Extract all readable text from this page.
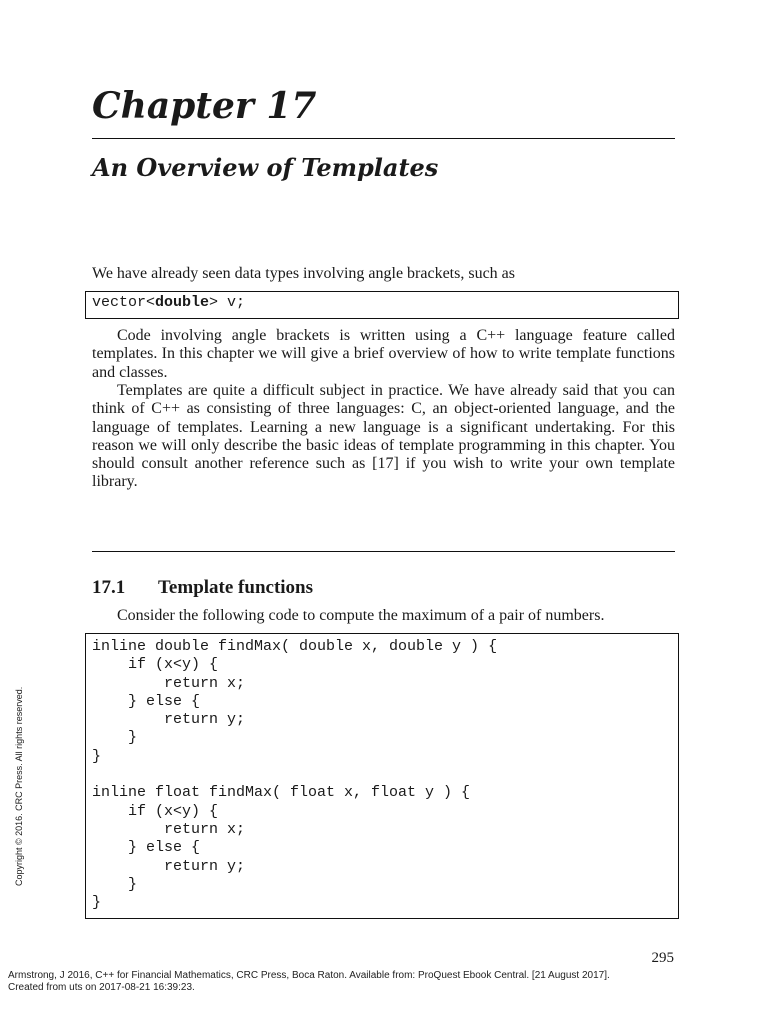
Chapter 17
An Overview of Templates

We have already seen data types involving angle brackets, such as

vector<double> v;

Code involving angle brackets is written using a C++ language feature called templates. In this chapter we will give a brief overview of how to write template functions and classes.

Templates are quite a difficult subject in practice. We have already said that you can think of C++ as consisting of three languages: C, an object-oriented language, and the language of templates. Learning a new language is a significant undertaking. For this reason we will only describe the basic ideas of template programming in this chapter. You should consult another reference such as [17] if you wish to write your own template library.

17.1 Template functions

Consider the following code to compute the maximum of a pair of numbers.

inline double findMax( double x, double y ) {
if (x<y) {
return x;
} else {
return y;
}
}
inline float findMax( float x, float y ) {
if (x<y) {
return x;
} else {
return y;
}
}
295
Copyright © 2016. CRC Press. All rights reserved.
Armstrong, J 2016, C++ for Financial Mathematics, CRC Press, Boca Raton. Available from: ProQuest Ebook Central. [21 August 2017].
Created from uts on 2017-08-21 16:39:23.
